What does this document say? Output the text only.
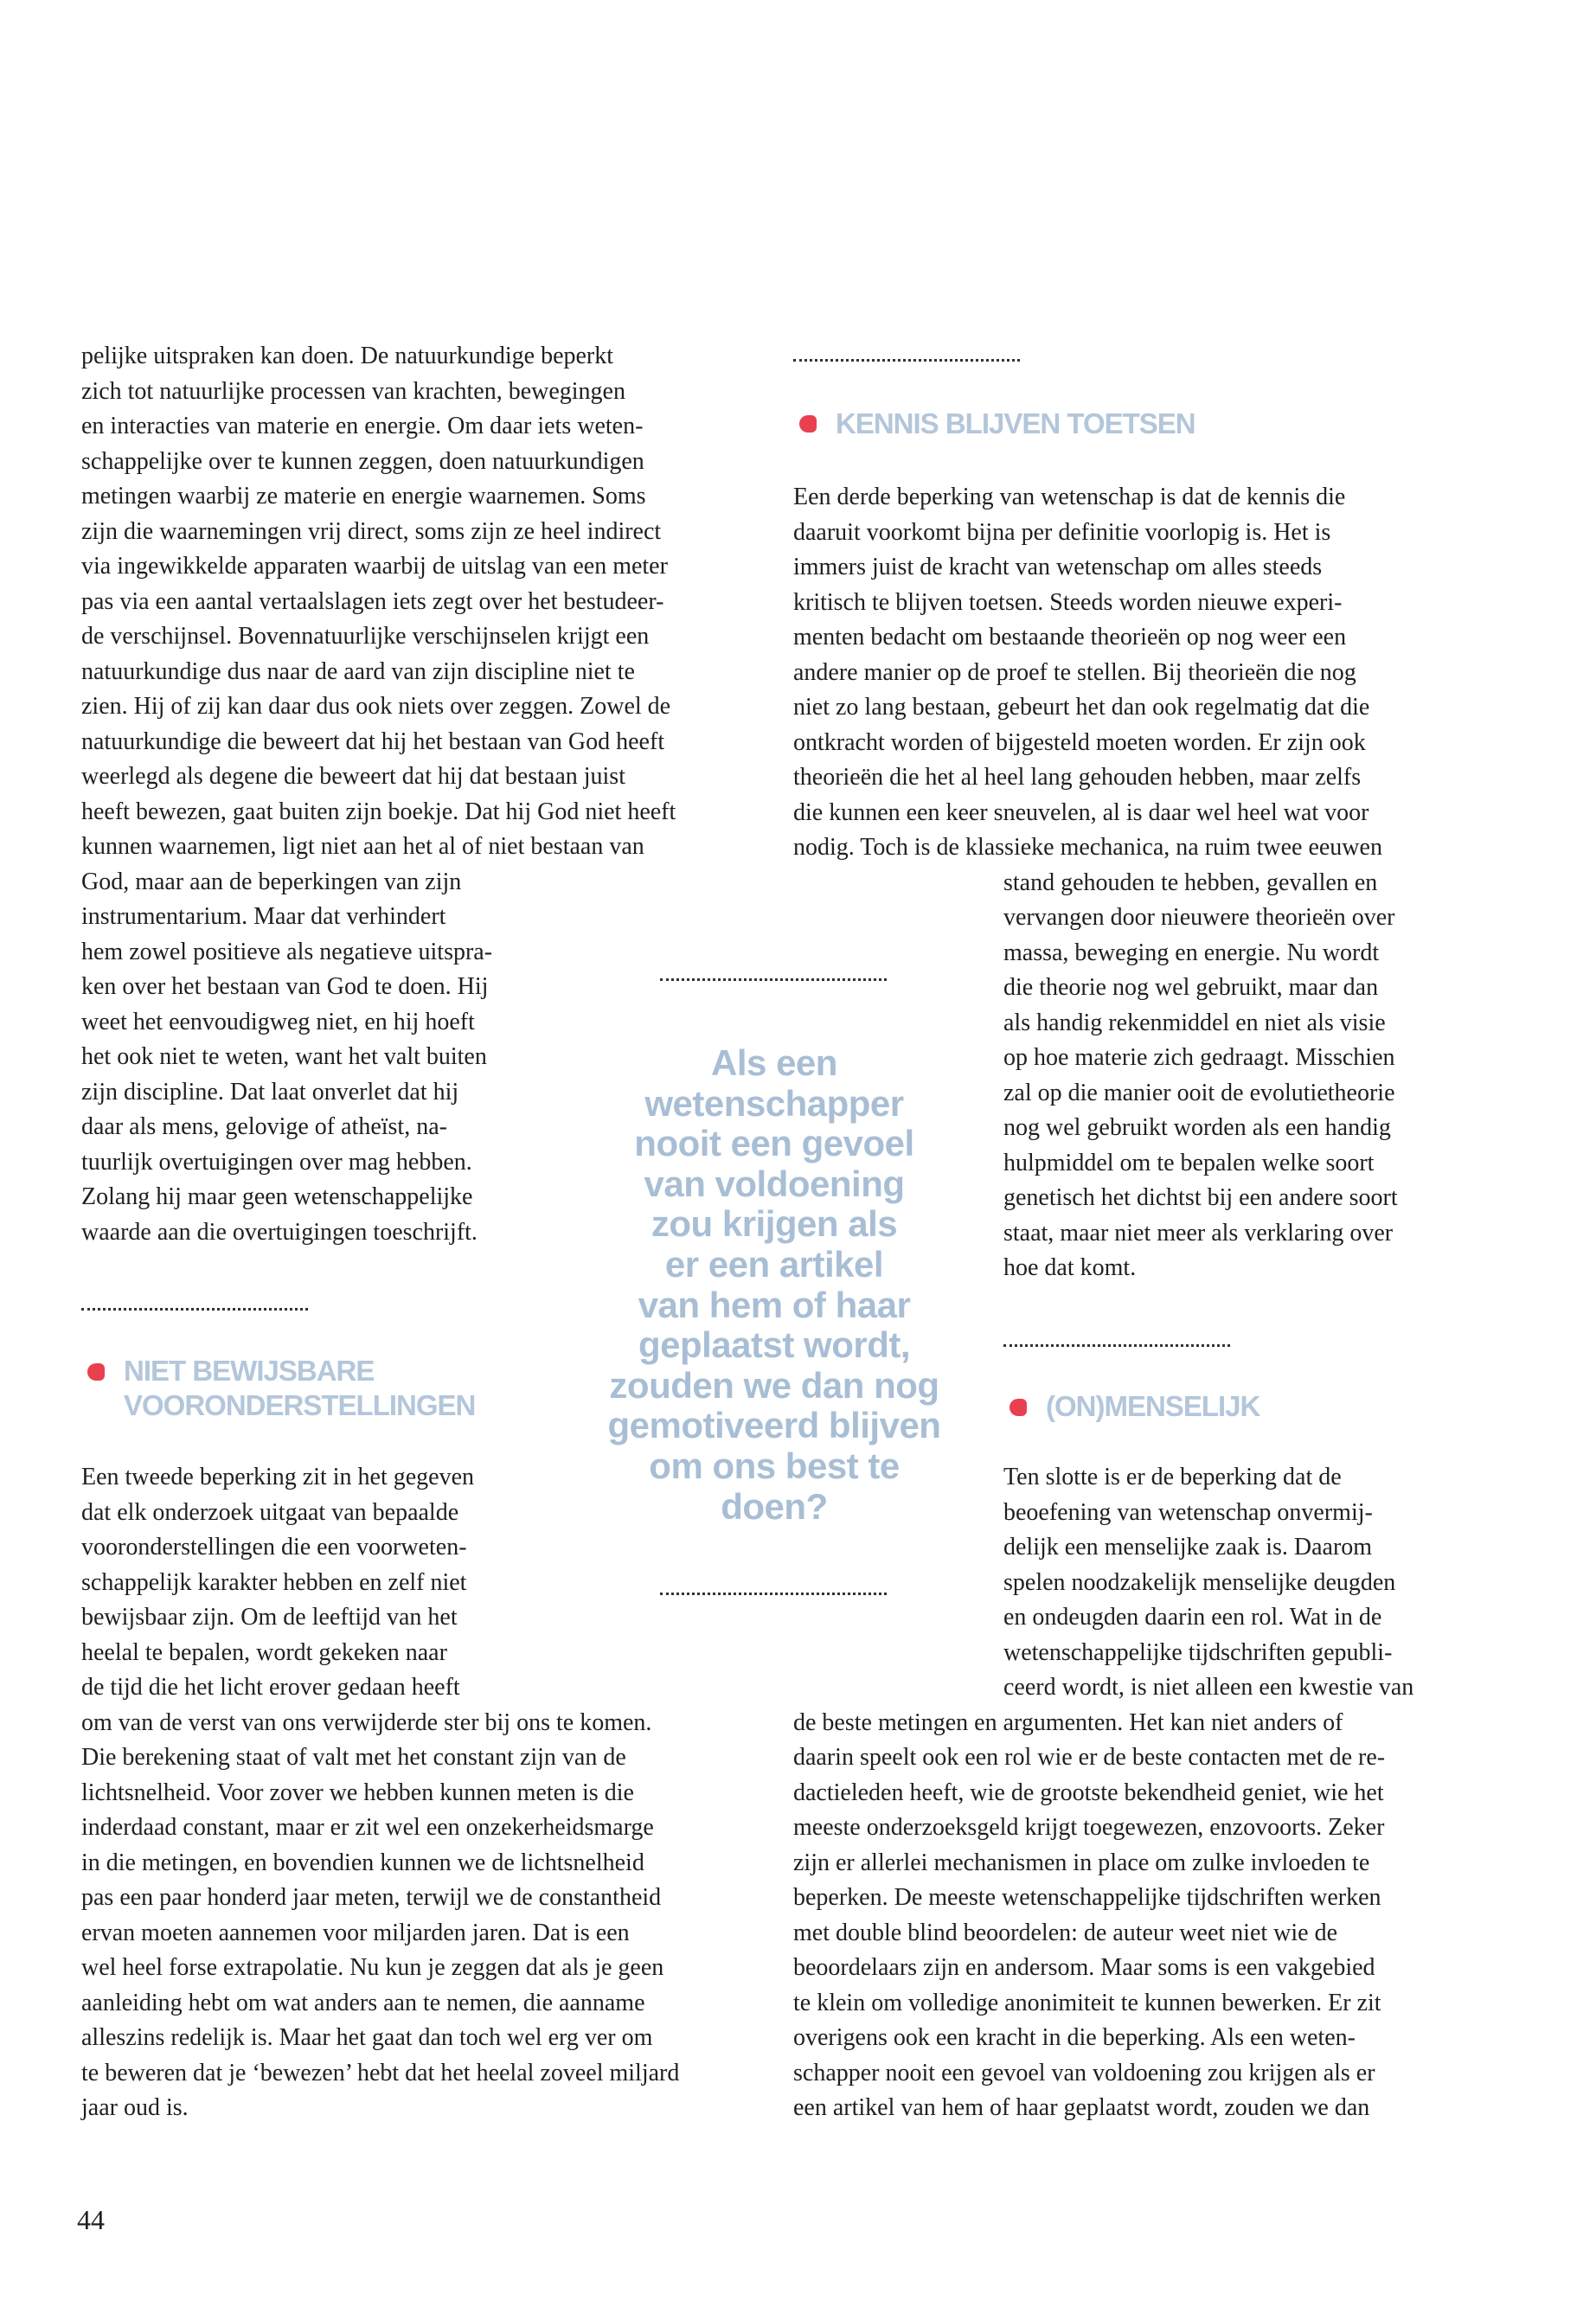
KENNIS BLIJVEN TOETSEN
NIET BEWIJSBARE
VOORONDERSTELLINGEN	(ON)MENSELIJK
Als een
wetenschapper
nooit een gevoel
van voldoening
zou krijgen als
er een artikel
van hem of haar
geplaatst wordt,
zouden we dan nog
gemotiveerd blijven
om ons best te
doen?
44
pelijke uitspraken kan doen. De natuurkundige beperkt
zich tot natuurlijke processen van krachten, bewegingen
en interacties van materie en energie. Om daar iets weten-
schappelijke over te kunnen zeggen, doen natuurkundigen
metingen waarbij ze materie en energie waarnemen. Soms
zijn die waarnemingen vrij direct, soms zijn ze heel indirect
via ingewikkelde apparaten waarbij de uitslag van een meter
pas via een aantal vertaalslagen iets zegt over het bestudeer-
de verschijnsel. Bovennatuurlijke verschijnselen krijgt een
natuurkundige dus naar de aard van zijn discipline niet te
zien. Hij of zij kan daar dus ook niets over zeggen. Zowel de
natuurkundige die beweert dat hij het bestaan van God heeft
weerlegd als degene die beweert dat hij dat bestaan juist
heeft bewezen, gaat buiten zijn boekje. Dat hij God niet heeft
kunnen waarnemen, ligt niet aan het al of niet bestaan van
God, maar aan de beperkingen van zijn
instrumentarium. Maar dat verhindert
hem zowel positieve als negatieve uitspra-
ken over het bestaan van God te doen. Hij
weet het eenvoudigweg niet, en hij hoeft
het ook niet te weten, want het valt buiten
zijn discipline. Dat laat onverlet dat hij
daar als mens, gelovige of atheïst, na-
tuurlijk overtuigingen over mag hebben.
Zolang hij maar geen wetenschappelijke
waarde aan die overtuigingen toeschrijft.
Een tweede beperking zit in het gegeven
dat elk onderzoek uitgaat van bepaalde
vooronderstellingen die een voorweten-
schappelijk karakter hebben en zelf niet
bewijsbaar zijn. Om de leeftijd van het
heelal te bepalen, wordt gekeken naar
de tijd die het licht erover gedaan heeft
om van de verst van ons verwijderde ster bij ons te komen.
Die berekening staat of valt met het constant zijn van de
lichtsnelheid. Voor zover we hebben kunnen meten is die
inderdaad constant, maar er zit wel een onzekerheidsmarge
in die metingen, en bovendien kunnen we de lichtsnelheid
pas een paar honderd jaar meten, terwijl we de constantheid
ervan moeten aannemen voor miljarden jaren. Dat is een
wel heel forse extrapolatie. Nu kun je zeggen dat als je geen
aanleiding hebt om wat anders aan te nemen, die aanname
alleszins redelijk is. Maar het gaat dan toch wel erg ver om
te beweren dat je ‘bewezen’ hebt dat het heelal zoveel miljard
jaar oud is.
Een derde beperking van wetenschap is dat de kennis die
daaruit voorkomt bijna per definitie voorlopig is. Het is
immers juist de kracht van wetenschap om alles steeds
kritisch te blijven toetsen. Steeds worden nieuwe experi-
menten bedacht om bestaande theorieën op nog weer een
andere manier op de proef te stellen. Bij theorieën die nog
niet zo lang bestaan, gebeurt het dan ook regelmatig dat die
ontkracht worden of bijgesteld moeten worden. Er zijn ook
theorieën die het al heel lang gehouden hebben, maar zelfs
die kunnen een keer sneuvelen, al is daar wel heel wat voor
nodig. Toch is de klassieke mechanica, na ruim twee eeuwen
stand gehouden te hebben, gevallen en
vervangen door nieuwere theorieën over
massa, beweging en energie. Nu wordt
die theorie nog wel gebruikt, maar dan
als handig rekenmiddel en niet als visie
op hoe materie zich gedraagt. Misschien
zal op die manier ooit de evolutietheorie
nog wel gebruikt worden als een handig
hulpmiddel om te bepalen welke soort
genetisch het dichtst bij een andere soort
staat, maar niet meer als verklaring over
hoe dat komt.
Ten slotte is er de beperking dat de
beoefening van wetenschap onvermij-
delijk een menselijke zaak is. Daarom
spelen noodzakelijk menselijke deugden
en ondeugden daarin een rol. Wat in de
wetenschappelijke tijdschriften gepubli-
ceerd wordt, is niet alleen een kwestie van
de beste metingen en argumenten. Het kan niet anders of
daarin speelt ook een rol wie er de beste contacten met de re-
dactieleden heeft, wie de grootste bekendheid geniet, wie het
meeste onderzoeksgeld krijgt toegewezen, enzovoorts. Zeker
zijn er allerlei mechanismen in place om zulke invloeden te
beperken. De meeste wetenschappelijke tijdschriften werken
met double blind beoordelen: de auteur weet niet wie de
beoordelaars zijn en andersom. Maar soms is een vakgebied
te klein om volledige anonimiteit te kunnen bewerken. Er zit
overigens ook een kracht in die beperking. Als een weten-
schapper nooit een gevoel van voldoening zou krijgen als er
een artikel van hem of haar geplaatst wordt, zouden we dan
